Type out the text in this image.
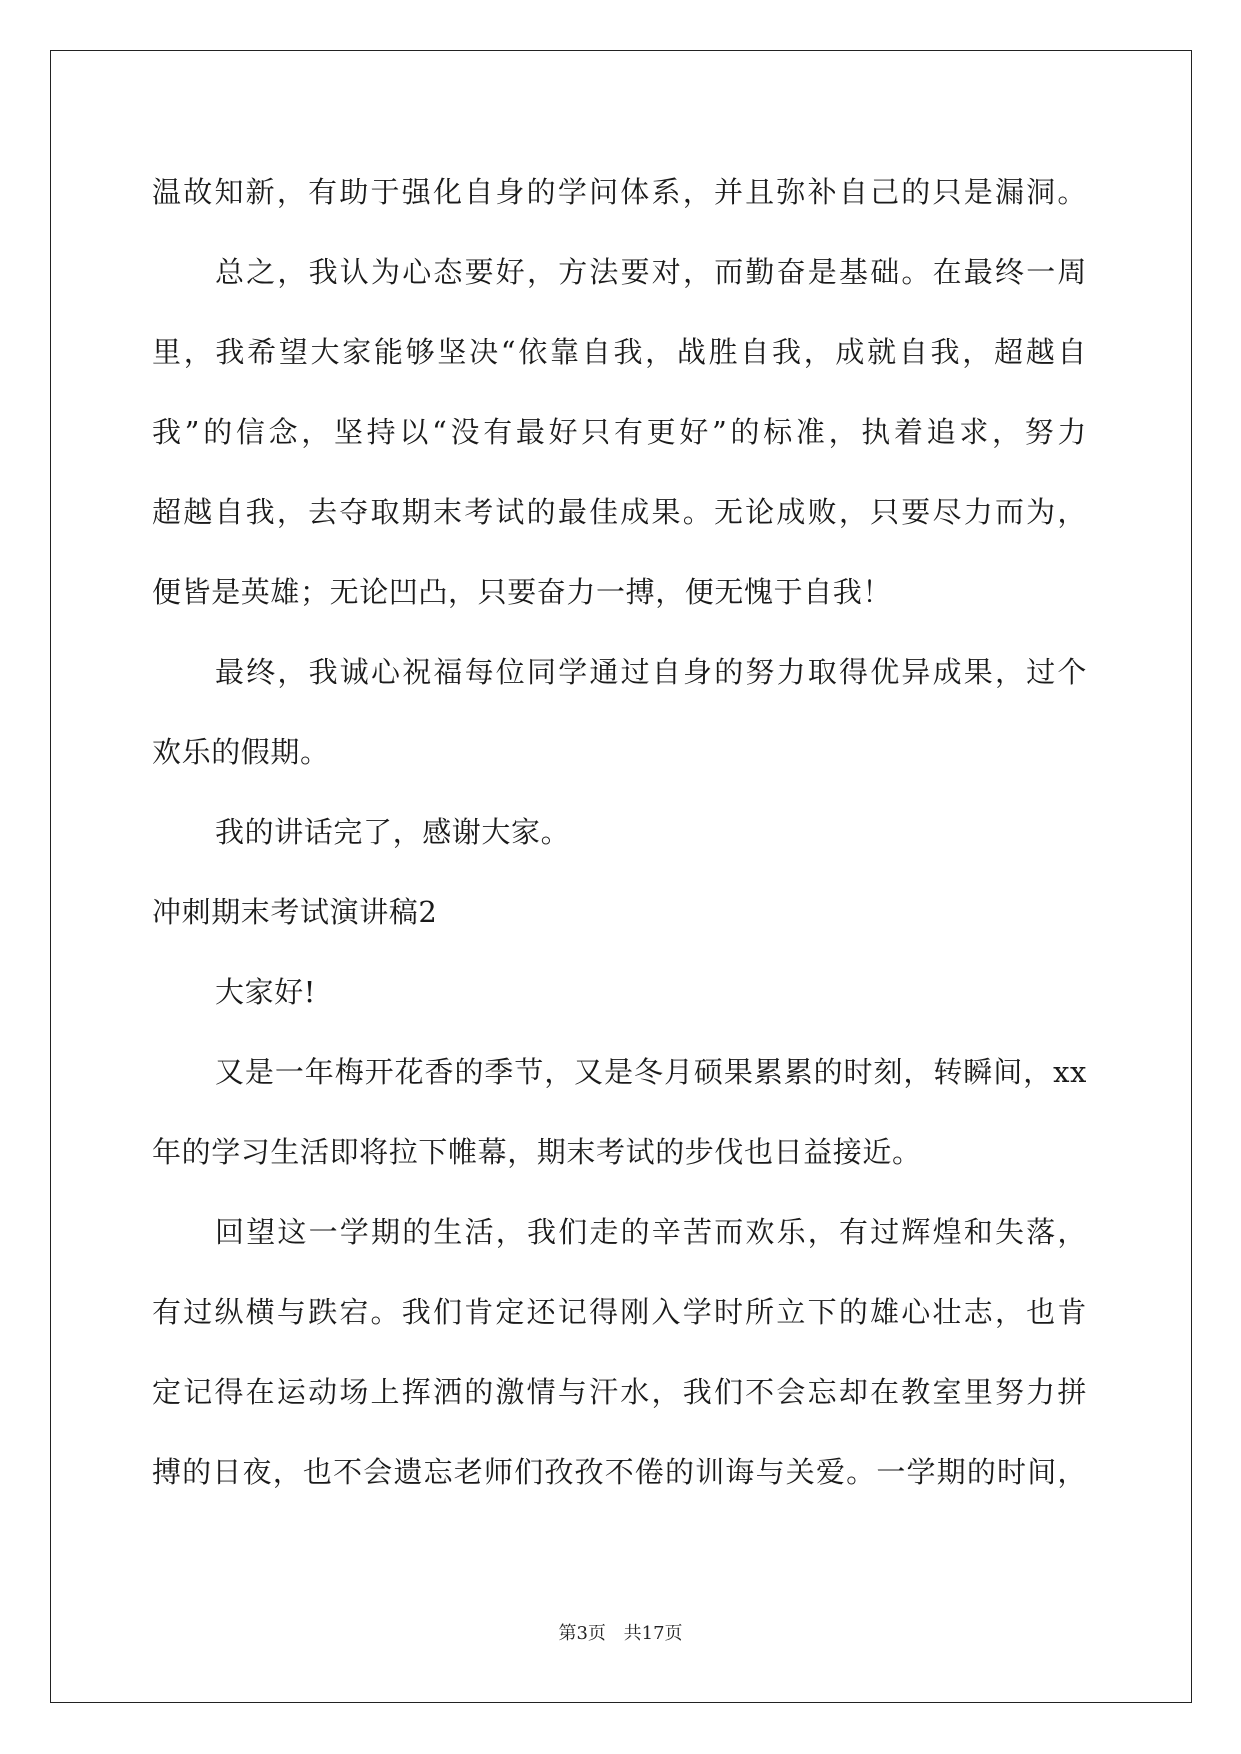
温故知新，有助于强化自身的学问体系，并且弥补自己的只是漏洞。
总之，我认为心态要好，方法要对，而勤奋是基础。在最终一周
里，我希望大家能够坚决“依靠自我，战胜自我，成就自我，超越自
我”的信念，坚持以“没有最好只有更好”的标准，执着追求，努力
超越自我，去夺取期末考试的最佳成果。无论成败，只要尽力而为，
便皆是英雄；无论凹凸，只要奋力一搏，便无愧于自我！
最终，我诚心祝福每位同学通过自身的努力取得优异成果，过个
欢乐的假期。
我的讲话完了，感谢大家。
冲刺期末考试演讲稿2
大家好!
又是一年梅开花香的季节，又是冬月硕果累累的时刻，转瞬间，xx
年的学习生活即将拉下帷幕，期末考试的步伐也日益接近。
回望这一学期的生活，我们走的辛苦而欢乐，有过辉煌和失落，
有过纵横与跌宕。我们肯定还记得刚入学时所立下的雄心壮志，也肯
定记得在运动场上挥洒的激情与汗水，我们不会忘却在教室里努力拼
搏的日夜，也不会遗忘老师们孜孜不倦的训诲与关爱。一学期的时间，
第3页 共17页
